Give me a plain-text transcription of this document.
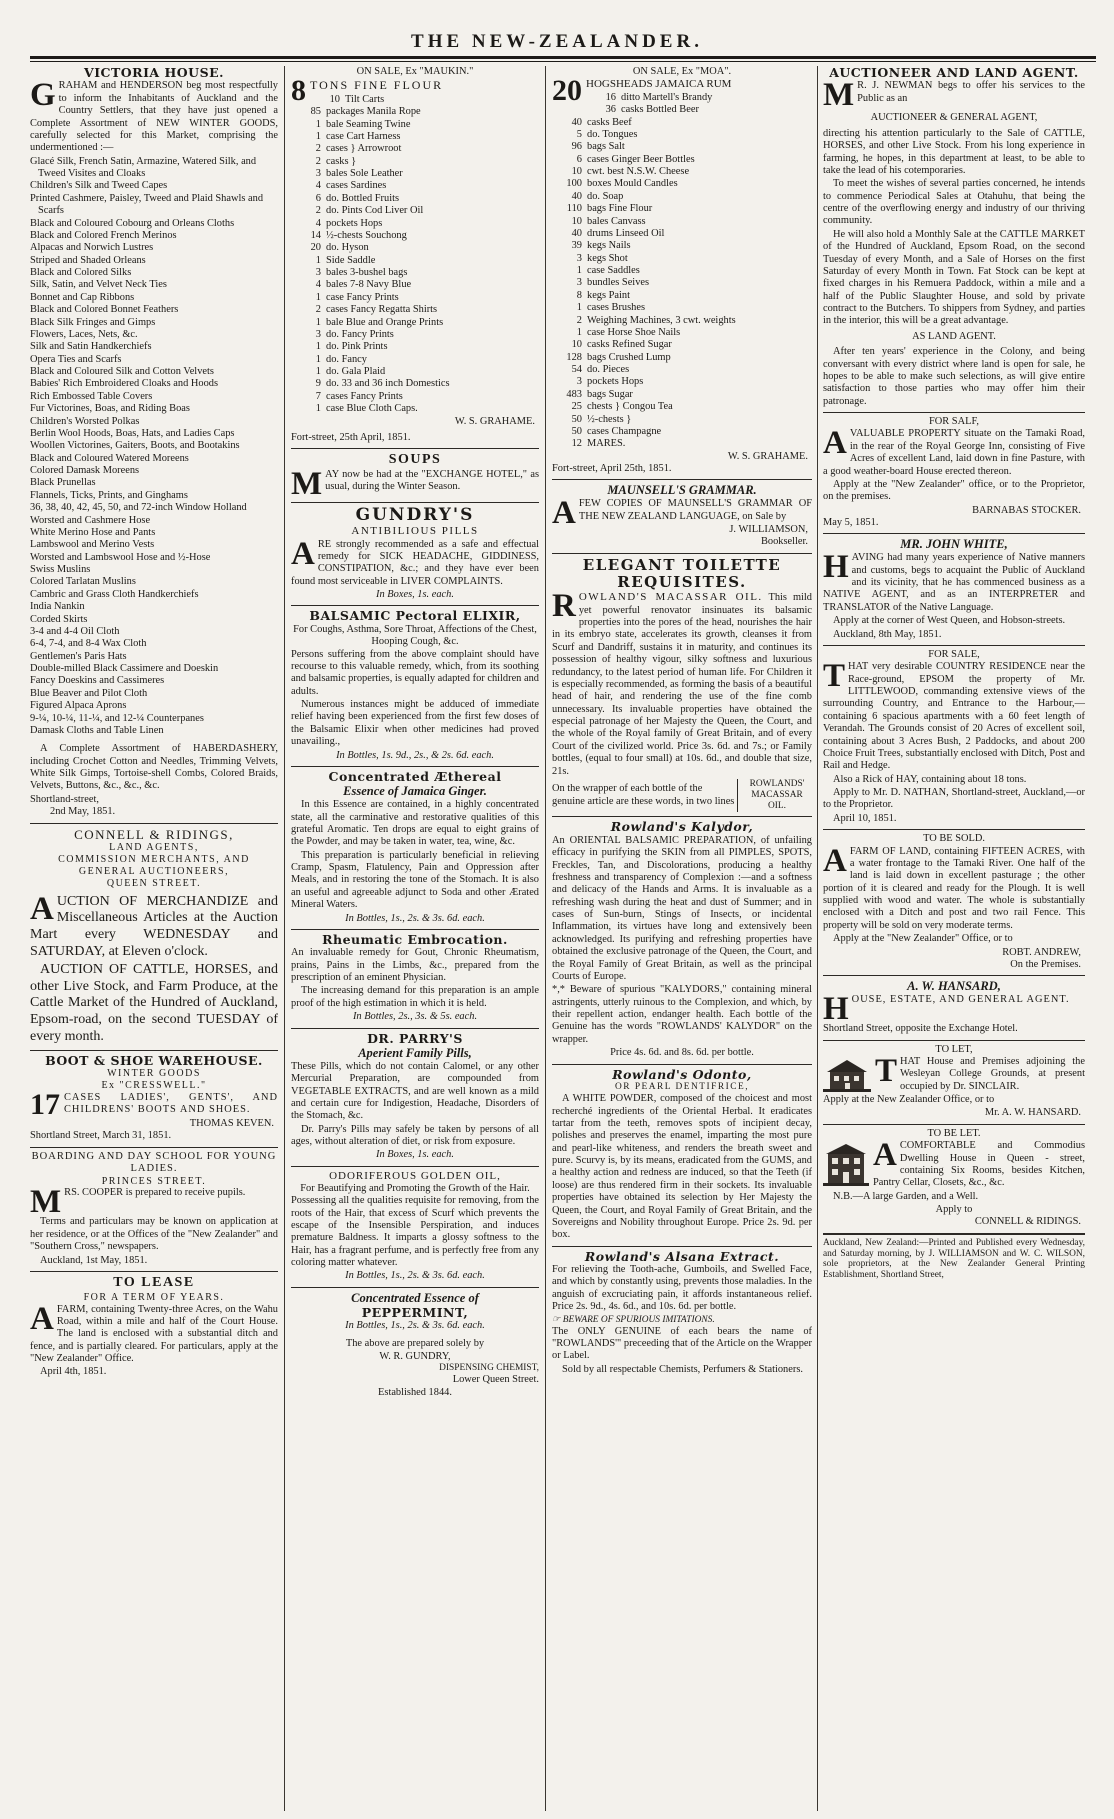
THE NEW-ZEALANDER.
VICTORIA HOUSE.

GRAHAM and HENDERSON beg most respectfully to inform the Inhabitants of Auckland and the Country Settlers, that they have just opened a Complete Assortment of NEW WINTER GOODS, carefully selected for this Market, comprising the undermentioned :—

Glacé Silk, French Satin, Armazine, Watered Silk, and Tweed Visites and Cloaks
Children's Silk and Tweed Capes
Printed Cashmere, Paisley, Tweed and Plaid Shawls and Scarfs
Black and Coloured Cobourg and Orleans Cloths
Black and Colored French Merinos
Alpacas and Norwich Lustres
Striped and Shaded Orleans
Black and Colored Silks
Silk, Satin, and Velvet Neck Ties
Bonnet and Cap Ribbons
Black and Colored Bonnet Feathers
Black Silk Fringes and Gimps
Flowers, Laces, Nets, &c.
Silk and Satin Handkerchiefs
Opera Ties and Scarfs
Black and Coloured Silk and Cotton Velvets
Babies' Rich Embroidered Cloaks and Hoods
Rich Embossed Table Covers
Fur Victorines, Boas, and Riding Boas
Children's Worsted Polkas
Berlin Wool Hoods, Boas, Hats, and Ladies Caps
Woollen Victorines, Gaiters, Boots, and Bootakins
Black and Coloured Watered Moreens
Colored Damask Moreens
Black Prunellas
Flannels, Ticks, Prints, and Ginghams
36, 38, 40, 42, 45, 50, and 72-inch Window Holland
Worsted and Cashmere Hose
White Merino Hose and Pants
Lambswool and Merino Vests
Worsted and Lambswool Hose and ½-Hose
Swiss Muslins
Colored Tarlatan Muslins
Cambric and Grass Cloth Handkerchiefs
India Nankin
Corded Skirts
3-4 and 4-4 Oil Cloth
6-4, 7-4, and 8-4 Wax Cloth
Gentlemen's Paris Hats
Double-milled Black Cassimere and Doeskin
Fancy Doeskins and Cassimeres
Blue Beaver and Pilot Cloth
Figured Alpaca Aprons
9-¼, 10-¼, 11-¼, and 12-¼ Counterpanes
Damask Cloths and Table Linen

A Complete Assortment of HABERDASHERY, including Crochet Cotton and Needles, Trimming Velvets, White Silk Gimps, Tortoise-shell Combs, Colored Braids, Velvets, Buttons, &c., &c., &c.

Shortland-street,
2nd May, 1851.
CONNELL & RIDINGS,
LAND AGENTS,
COMMISSION MERCHANTS, AND
GENERAL AUCTIONEERS,
QUEEN STREET.

AUCTION OF MERCHANDIZE and Miscellaneous Articles at the Auction Mart every WEDNESDAY and SATURDAY, at Eleven o'clock.

AUCTION OF CATTLE, HORSES, and other Live Stock, and Farm Produce, at the Cattle Market of the Hundred of Auckland, Epsom-road, on the second TUESDAY of every month.

BOOT & SHOE WAREHOUSE.
WINTER GOODS
Ex "CRESSWELL."

17 CASES LADIES', GENTS', AND CHILDRENS' BOOTS AND SHOES.

THOMAS KEVEN.
Shortland Street, March 31, 1851.
BOARDING AND DAY SCHOOL FOR YOUNG LADIES.
PRINCES STREET.

MRS. COOPER is prepared to receive pupils.

Terms and particulars may be known on application at her residence, or at the Offices of the "New Zealander" and "Southern Cross," newspapers.

Auckland, 1st May, 1851.
TO LEASE
FOR A TERM OF YEARS.

AFARM, containing Twenty-three Acres, on the Wahu Road, within a mile and half of the Court House. The land is enclosed with a substantial ditch and fence, and is partially cleared. For particulars, apply at the "New Zealander" Office.

April 4th, 1851.
ON SALE, Ex "MAUKIN."
8 TONS FINE FLOUR
10 Tilt Carts
85 packages Manila Rope
1 bale Seaming Twine
1 case Cart Harness
2 cases } Arrowroot
2 casks }
3 bales Sole Leather
4 cases Sardines
6 do. Bottled Fruits
2 do. Pints Cod Liver Oil
4 pockets Hops
14 ½-chests Souchong
20 do. Hyson
1 Side Saddle
3 bales 3-bushel bags
4 bales 7-8 Navy Blue
1 case Fancy Prints
2 cases Fancy Regatta Shirts
1 bale Blue and Orange Prints
3 do. Fancy Prints
1 do. Pink Prints
1 do. Fancy
1 do. Gala Plaid
9 do. 33 and 36 inch Domestics
7 cases Fancy Prints
1 case Blue Cloth Caps.
W. S. GRAHAME.
Fort-street, 25th April, 1851.
SOUPS

MAY now be had at the "EXCHANGE HOTEL," as usual, during the Winter Season.

GUNDRY'S
ANTIBILIOUS PILLS

ARE strongly recommended as a safe and effectual remedy for SICK HEADACHE, GIDDINESS, CONSTIPATION, &c.; and they have ever been found most serviceable in LIVER COMPLAINTS.

In Boxes, 1s. each.
BALSAMIC Pectoral ELIXIR,
For Coughs, Asthma, Sore Throat, Affections of the Chest, Hooping Cough, &c.

Persons suffering from the above complaint should have recourse to this valuable remedy, which, from its soothing and balsamic properties, is equally adapted for children and adults.

Numerous instances might be adduced of immediate relief having been experienced from the first few doses of the Balsamic Elixir when other medicines had proved unavailing.,

In Bottles, 1s. 9d., 2s., & 2s. 6d. each.
Concentrated Æthereal
Essence of Jamaica Ginger.

In this Essence are contained, in a highly concentrated state, all the carminative and restorative qualities of this grateful Aromatic. Ten drops are equal to eight grains of the Powder, and may be taken in water, tea, wine, &c.

This preparation is particularly beneficial in relieving Cramp, Spasm, Flatulency, Pain and Oppression after Meals, and in restoring the tone of the Stomach. It is also an useful and agreeable adjunct to Soda and other Ærated Mineral Waters.

In Bottles, 1s., 2s. & 3s. 6d. each.
Rheumatic Embrocation.

An invaluable remedy for Gout, Chronic Rheumatism, prains, Pains in the Limbs, &c., prepared from the prescription of an eminent Physician.

The increasing demand for this preparation is an ample proof of the high estimation in which it is held.

In Bottles, 2s., 3s. & 5s. each.
DR. PARRY'S
Aperient Family Pills,

These Pills, which do not contain Calomel, or any other Mercurial Preparation, are compounded from VEGETABLE EXTRACTS, and are well known as a mild and certain cure for Indigestion, Headache, Disorders of the Stomach, &c.

Dr. Parry's Pills may safely be taken by persons of all ages, without alteration of diet, or risk from exposure.

In Boxes, 1s. each.
ODORIFEROUS GOLDEN OIL,
For Beautifying and Promoting the Growth of the Hair.

Possessing all the qualities requisite for removing, from the roots of the Hair, that excess of Scurf which prevents the escape of the Insensible Perspiration, and induces premature Baldness. It imparts a glossy softness to the Hair, has a fragrant perfume, and is perfectly free from any coloring matter whatever.

In Bottles, 1s., 2s. & 3s. 6d. each.
Concentrated Essence of
PEPPERMINT,
In Bottles, 1s., 2s. & 3s. 6d. each.
The above are prepared solely by
W. R. GUNDRY,
DISPENSING CHEMIST,
Lower Queen Street.
Established 1844.
ON SALE, Ex "MOA".
20 HOGSHEADS JAMAICA RUM
16 ditto Martell's Brandy
36 casks Bottled Beer
40 casks Beef
5 do. Tongues
96 bags Salt
6 cases Ginger Beer Bottles
10 cwt. best N.S.W. Cheese
100 boxes Mould Candles
40 do. Soap
110 bags Fine Flour
10 bales Canvass
40 drums Linseed Oil
39 kegs Nails
3 kegs Shot
1 case Saddles
3 bundles Seives
8 kegs Paint
1 cases Brushes
2 Weighing Machines, 3 cwt. weights
1 case Horse Shoe Nails
10 casks Refined Sugar
128 bags Crushed Lump
54 do. Pieces
3 pockets Hops
483 bags Sugar
25 chests } Congou Tea
50 ½-chests }
50 cases Champagne
12 MARES.
W. S. GRAHAME.
Fort-street, April 25th, 1851.
MAUNSELL'S GRAMMAR.

AFEW COPIES OF MAUNSELL'S GRAMMAR OF THE NEW ZEALAND LANGUAGE, on Sale by

J. WILLIAMSON,
Bookseller.
ELEGANT TOILETTE
REQUISITES.

ROWLAND'S MACASSAR OIL. This mild yet powerful renovator insinuates its balsamic properties into the pores of the head, nourishes the hair in its embryo state, accelerates its growth, cleanses it from Scurf and Dandriff, sustains it in maturity, and continues its possession of healthy vigour, silky softness and luxurious redundancy, to the latest period of human life. For Children it is especially recommended, as forming the basis of a beautiful head of hair, and rendering the use of the fine comb unnecessary. Its invaluable properties have obtained the especial patronage of her Majesty the Queen, the Court, and the whole of the Royal family of Great Britain, and of every Court of the civilized world. Price 3s. 6d. and 7s.; or Family bottles, (equal to four small) at 10s. 6d., and double that size, 21s.

On the wrapper of each bottle of the genuine article are these words, in two lines
ROWLANDS' MACASSAR OIL.
Rowland's Kalydor,

An ORIENTAL BALSAMIC PREPARATION, of unfailing efficacy in purifying the SKIN from all PIMPLES, SPOTS, Freckles, Tan, and Discolorations, producing a healthy freshness and transparency of Complexion :—and a softness and delicacy of the Hands and Arms. It is invaluable as a refreshing wash during the heat and dust of Summer; and in cases of Sun-burn, Stings of Insects, or incidental Inflammation, its virtues have long and extensively been acknowledged. Its purifying and refreshing properties have obtained the exclusive patronage of the Queen, the Court, and the Royal Family of Great Britain, as well as the principal Courts of Europe.

*,* Beware of spurious "KALYDORS," containing mineral astringents, utterly ruinous to the Complexion, and which, by their repellent action, endanger health. Each bottle of the Genuine has the words "ROWLANDS' KALYDOR" on the wrapper.

Price 4s. 6d. and 8s. 6d. per bottle.
Rowland's Odonto,
OR PEARL DENTIFRICE,

A WHITE POWDER, composed of the choicest and most recherché ingredients of the Oriental Herbal. It eradicates tartar from the teeth, removes spots of incipient decay, polishes and preserves the enamel, imparting the most pure and pearl-like whiteness, and renders the breath sweet and pure. Scurvy is, by its means, eradicated from the GUMS, and a healthy action and redness are induced, so that the Teeth (if loose) are thus rendered firm in their sockets. Its invaluable properties have obtained its selection by Her Majesty the Queen, the Court, and Royal Family of Great Britain, and the Sovereigns and Nobility throughout Europe. Price 2s. 9d. per box.

Rowland's Alsana Extract.

For relieving the Tooth-ache, Gumboils, and Swelled Face, and which by constantly using, prevents those maladies. In the anguish of excruciating pain, it affords instantaneous relief. Price 2s. 9d., 4s. 6d., and 10s. 6d. per bottle.

☞ BEWARE OF SPURIOUS IMITATIONS.

The ONLY GENUINE of each bears the name of "ROWLANDS'" preceeding that of the Article on the Wrapper or Label.

Sold by all respectable Chemists, Perfumers & Stationers.

AUCTIONEER AND LAND AGENT.

M R. J. NEWMAN begs to offer his services to the Public as an

AUCTIONEER & GENERAL AGENT,

directing his attention particularly to the Sale of CATTLE, HORSES, and other Live Stock. From his long experience in farming, he hopes, in this department at least, to be able to take the lead of his cotemporaries.

To meet the wishes of several parties concerned, he intends to commence Periodical Sales at Otahuhu, that being the centre of the overflowing energy and industry of our thriving community.

He will also hold a Monthly Sale at the CATTLE MARKET of the Hundred of Auckland, Epsom Road, on the second Tuesday of every Month, and a Sale of Horses on the first Saturday of every Month in Town. Fat Stock can be kept at fixed charges in his Remuera Paddock, within a mile and a half of the Public Slaughter House, and sold by private contract to the Butchers. To shippers from Sydney, and parties in the interior, this will be a great advantage.

AS LAND AGENT.

After ten years' experience in the Colony, and being conversant with every district where land is open for sale, he hopes to be able to make such selections, as will give entire satisfaction to those parties who may offer him their patronage.

FOR SALF,

AVALUABLE PROPERTY situate on the Tamaki Road, in the rear of the Royal George Inn, consisting of Five Acres of excellent Land, laid down in fine Pasture, with a good weather-board House erected thereon.

Apply at the "New Zealander" office, or to the Proprietor, on the premises.

BARNABAS STOCKER.
May 5, 1851.
MR. JOHN WHITE,

HAVING had many years experience of Native manners and customs, begs to acquaint the Public of Auckland and its vicinity, that he has commenced business as a NATIVE AGENT, and as an INTERPRETER and TRANSLATOR of the Native Language.

Apply at the corner of West Queen, and Hobson-streets.

Auckland, 8th May, 1851.
FOR SALE,

THAT very desirable COUNTRY RESIDENCE near the Race-ground, EPSOM the property of Mr. LITTLEWOOD, commanding extensive views of the surrounding Country, and Entrance to the Harbour,—containing 6 spacious apartments with a 60 feet length of Verandah. The Grounds consist of 20 Acres of excellent soil, containing about 3 Acres Bush, 2 Paddocks, and about 200 Choice Fruit Trees, substantially enclosed with Ditch, Post and Rail and Hedge.

Also a Rick of HAY, containing about 18 tons.

Apply to Mr. D. NATHAN, Shortland-street, Auckland,—or to the Proprietor.

April 10, 1851.
TO BE SOLD.

AFARM OF LAND, containing FIFTEEN ACRES, with a water frontage to the Tamaki River. One half of the land is laid down in excellent pasturage ; the other portion of it is cleared and ready for the Plough. It is well supplied with wood and water. The whole is substantially enclosed with a Ditch and post and two rail Fence. This property will be sold on very moderate terms.

Apply at the "New Zealander" Office, or to

ROBT. ANDREW,
On the Premises.
A. W. HANSARD,

HOUSE, ESTATE, AND GENERAL AGENT.

Shortland Street, opposite the Exchange Hotel.
TO LET,

THAT House and Premises adjoining the Wesleyan College Grounds, at present occupied by Dr. SINCLAIR.

Apply at the New Zealander Office, or to

Mr. A. W. HANSARD.
TO BE LET.

ACOMFORTABLE and Commodius Dwelling House in Queen - street, containing Six Rooms, besides Kitchen, Pantry Cellar, Closets, &c., &c.

N.B.—A large Garden, and a Well.

Apply to
CONNELL & RIDINGS.

Auckland, New Zealand:—Printed and Published every Wednesday, and Saturday morning, by J. WILLIAMSON and W. C. WILSON, sole proprietors, at the New Zealander General Printing Establishment, Shortland Street,
